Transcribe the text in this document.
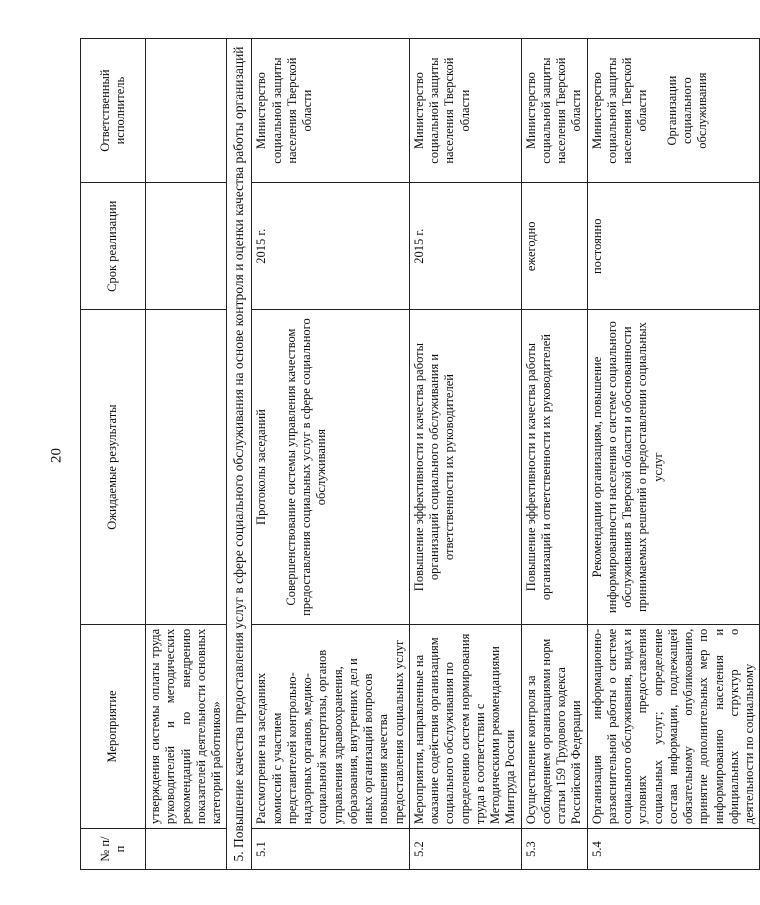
20
№ п/п	Мероприятие	Ожидаемые результаты	Срок реализации	Ответственный исполнитель
	утверждения системы оплаты труда руководителей и методических рекомендаций по внедрению показателей деятельности основных категорий работников»			
5. Повышение качества предоставления услуг в сфере социального обслуживания на основе контроля и оценки качества работы организаций				
5.1	Рассмотрение на заседаниях комиссий с участием представителей контрольно-надзорных органов, медико-социальной экспертизы, органов управления здравоохранения, образования, внутренних дел и иных организаций вопросов повышения качества предоставления социальных услуг	Протоколы заседаний Совершенствование системы управления качеством предоставления социальных услуг в сфере социального обслуживания	2015 г.	Министерство социальной защиты населения Тверской области
5.2	Мероприятия, направленные на оказание содействия организациям социального обслуживания по определению систем нормирования труда в соответствии с Методическими рекомендациями Минтруда России	Повышение эффективности и качества работы организаций социального обслуживания и ответственности их руководителей	2015 г.	Министерство социальной защиты населения Тверской области
5.3	Осуществление контроля за соблюдением организациями норм статьи 159 Трудового кодекса Российской Федерации	Повышение эффективности и качества работы организаций и ответственности их руководителей	ежегодно	Министерство социальной защиты населения Тверской области
5.4	Организация информационно-разъяснительной работы о системе социального обслуживания, видах и условиях предоставления социальных услуг; определение состава информации, подлежащей обязательному опубликованию, принятие дополнительных мер по информированию населения и официальных структур о деятельности по социальному	Рекомендации организациям, повышение информированности населения о системе социального обслуживания в Тверской области и обоснованности принимаемых решений о предоставлении социальных услуг	постоянно	Министерство социальной защиты населения Тверской области Организации социального обслуживания
